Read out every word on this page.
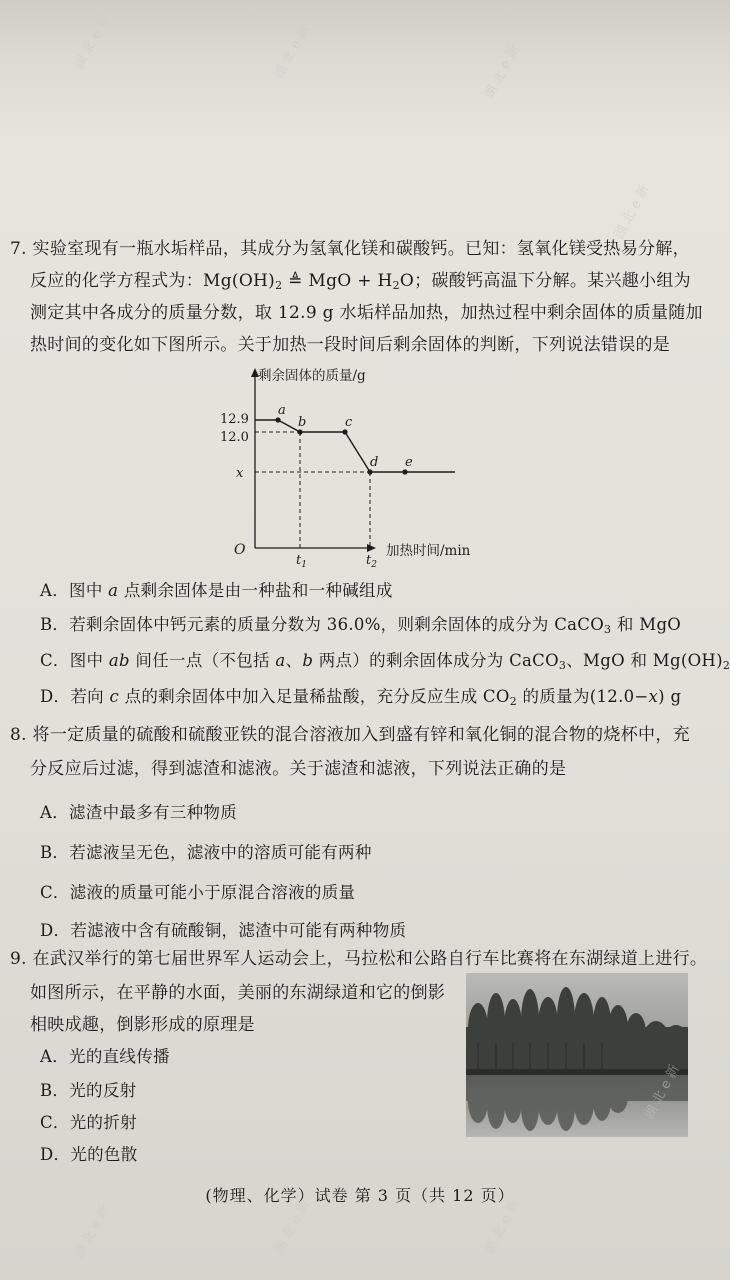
7. 实验室现有一瓶水垢样品，其成分为氢氧化镁和碳酸钙。已知：氢氧化镁受热易分解，
反应的化学方程式为：$Mg(OH)_2$ ≜ MgO + $H_2O$；碳酸钙高温下分解。某兴趣小组为
测定其中各成分的质量分数，取 12.9 g 水垢样品加热，加热过程中剩余固体的质量随加
热时间的变化如下图所示。关于加热一段时间后剩余固体的判断，下列说法错误的是
剩余固体的质量/g
加热时间/min
O
12.9
12.0
x
$t_1$	$t_2$
a
b	c
d e
A．图中 a 点剩余固体是由一种盐和一种碱组成
B．若剩余固体中钙元素的质量分数为 36.0%，则剩余固体的成分为 CaCO$_3$ 和 MgO
C．图中 ab 间任一点（不包括 a、b 两点）的剩余固体成分为 CaCO$_3$、MgO 和 $Mg(OH)_2$
D．若向 c 点的剩余固体中加入足量稀盐酸，充分反应生成 $CO_2$ 的质量为(12.0−x) g
8. 将一定质量的硫酸和硫酸亚铁的混合溶液加入到盛有锌和氧化铜的混合物的烧杯中，充
分反应后过滤，得到滤渣和滤液。关于滤渣和滤液，下列说法正确的是
A．滤渣中最多有三种物质
B．若滤液呈无色，滤液中的溶质可能有两种
C．滤液的质量可能小于原混合溶液的质量
D．若滤液中含有硫酸铜，滤渣中可能有两种物质
9. 在武汉举行的第七届世界军人运动会上，马拉松和公路自行车比赛将在东湖绿道上进行。
如图所示，在平静的水面，美丽的东湖绿道和它的倒影
相映成趣，倒影形成的原理是
A．光的直线传播
B．光的反射
C．光的折射
D．光的色散
(物理、化学）试卷 第 3 页（共 12 页）
湖北e新	湖北e新	湖北e新
湖北e新
湖北e新	湖北e新	湖北e新
湖北e新
